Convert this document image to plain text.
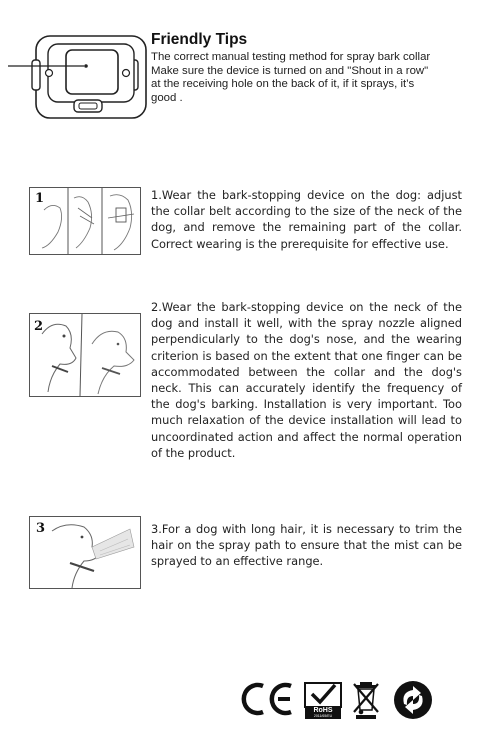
Friendly Tips
The correct manual testing method for spray bark collar
Make sure the device is turned on and "Shout in a row"
at the receiving hole on the back of it, if it sprays, it’s
good .
1	1.Wear the bark-stopping device on the dog: adjust the collar belt according to the size of the neck of the dog, and remove the remaining part of the collar. Correct wearing is the prerequisite for effective use.
2
2.Wear the bark-stopping device on the neck of the dog and install it well, with the spray nozzle aligned perpendicularly to the dog's nose, and the wearing criterion is based on the extent that one finger can be accommodated between the collar and the dog's neck. This can accurately identify the frequency of the dog's barking. Installation is very important. Too much relaxation of the device installation will lead to uncoordinated action and affect the normal operation of the product.
3	3.For a dog with long hair, it is necessary to trim the hair on the spray path to ensure that the mist can be sprayed to an effective range.
RoHS
2011/65/EU
